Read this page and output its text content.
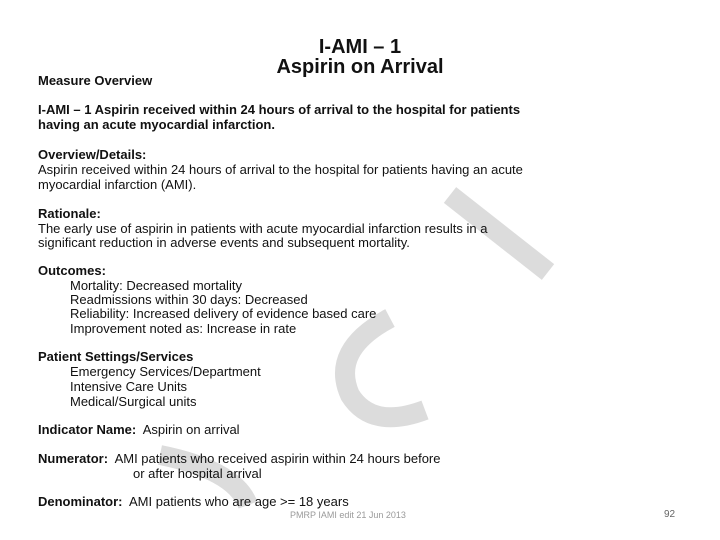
I-AMI – 1
Aspirin on Arrival
Measure Overview
I-AMI – 1 Aspirin received within 24 hours of arrival to the hospital for patients
having an acute myocardial infarction.
Overview/Details:
Aspirin received within 24 hours of arrival to the hospital for patients having an acute
myocardial infarction (AMI).
Rationale:
The early use of aspirin in patients with acute myocardial infarction results in a
significant reduction in adverse events and subsequent mortality.
Outcomes:
Mortality: Decreased mortality
Readmissions within 30 days: Decreased
Reliability: Increased delivery of evidence based care
Improvement noted as: Increase in rate
Patient Settings/Services
Emergency Services/Department
Intensive Care Units
Medical/Surgical units
Indicator Name:  Aspirin on arrival
Numerator:  AMI patients who received aspirin within 24 hours before
or after hospital arrival
Denominator:  AMI patients who are age >= 18 years
PMRP IAMI edit 21 Jun 2013	92
